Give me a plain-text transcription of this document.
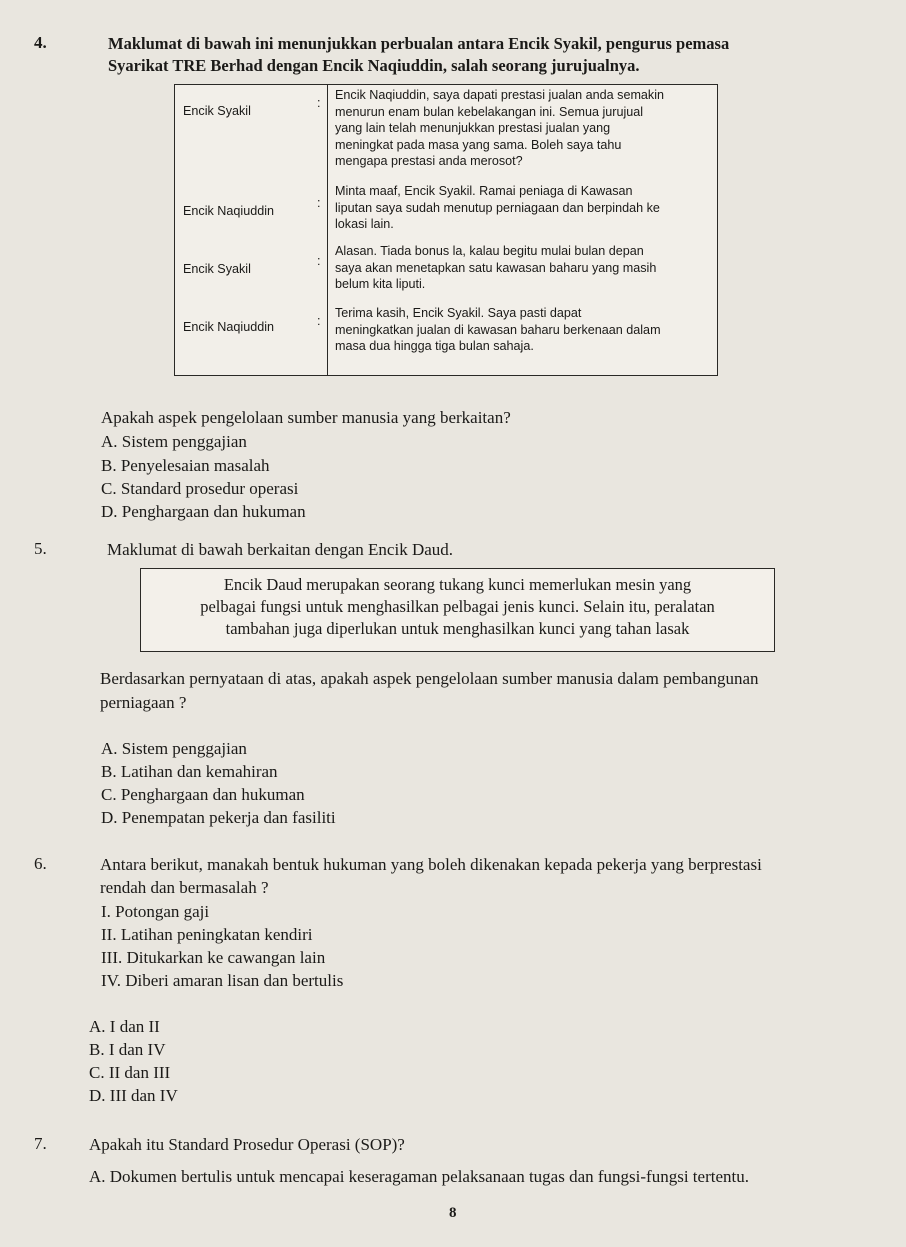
4.	Maklumat di bawah ini menunjukkan perbualan antara Encik Syakil, pengurus pemasa
Syarikat TRE Berhad dengan Encik Naqiuddin, salah seorang jurujualnya.
Encik Syakil
:
Encik Naqiuddin, saya dapati prestasi jualan anda semakin
menurun enam bulan kebelakangan ini. Semua jurujual
yang lain telah menunjukkan prestasi jualan yang
meningkat pada masa yang sama. Boleh saya tahu
mengapa prestasi anda merosot?
Encik Naqiuddin
:
Minta maaf, Encik Syakil. Ramai peniaga di Kawasan
liputan saya sudah menutup perniagaan dan berpindah ke
lokasi lain.
Encik Syakil
:
Alasan. Tiada bonus la, kalau begitu mulai bulan depan
saya akan menetapkan satu kawasan baharu yang masih
belum kita liputi.
Encik Naqiuddin	:
Terima kasih, Encik Syakil. Saya pasti dapat
meningkatkan jualan di kawasan baharu berkenaan dalam
masa dua hingga tiga bulan sahaja.
Apakah aspek pengelolaan sumber manusia yang berkaitan?
A. Sistem penggajian
B. Penyelesaian masalah
C. Standard prosedur operasi
D. Penghargaan dan hukuman
5.	Maklumat di bawah berkaitan dengan Encik Daud.
Encik Daud merupakan seorang tukang kunci memerlukan mesin yang
pelbagai fungsi untuk menghasilkan pelbagai jenis kunci. Selain itu, peralatan
tambahan juga diperlukan untuk menghasilkan kunci yang tahan lasak
Berdasarkan pernyataan di atas, apakah aspek pengelolaan sumber manusia dalam pembangunan
perniagaan ?
A. Sistem penggajian
B. Latihan dan kemahiran
C. Penghargaan dan hukuman
D. Penempatan pekerja dan fasiliti
6.	Antara berikut, manakah bentuk hukuman yang boleh dikenakan kepada pekerja yang berprestasi
rendah dan bermasalah ?
I. Potongan gaji
II. Latihan peningkatan kendiri
III. Ditukarkan ke cawangan lain
IV. Diberi amaran lisan dan bertulis
A. I dan II
B. I dan IV
C. II dan III
D. III dan IV
7. Apakah itu Standard Prosedur Operasi (SOP)?
A. Dokumen bertulis untuk mencapai keseragaman pelaksanaan tugas dan fungsi-fungsi tertentu.
8
